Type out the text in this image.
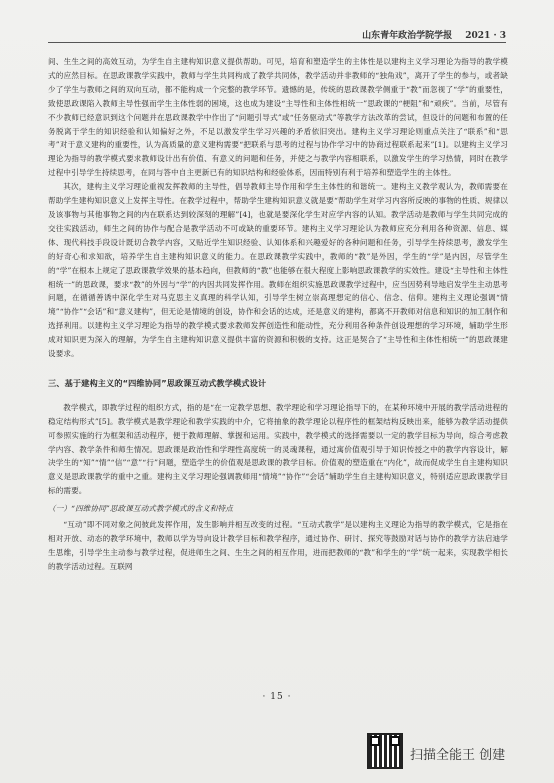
山东青年政治学院学报 2021 · 3

间、生生之间的高效互动，为学生自主建构知识意义提供帮助。可见，培育和塑造学生的主体性是以建构主义学习理论为指导的教学模式的应然目标。在思政课教学实践中，教师与学生共同构成了教学共同体，教学活动并非教师的“独角戏”，离开了学生的参与，或者缺少了学生与教师之间的双向互动，都不能构成一个完整的教学环节。遗憾的是，传统的思政课教学侧重于“教”而忽视了“学”的重要性，致使思政课陷入教师主导性强而学生主体性弱的困境，这也成为建设“主导性和主体性相统一”思政课的“梗阻”和“顽疾”。当前，尽管有不少教师已经意识到这个问题并在思政课教学中作出了“问题引导式”或“任务驱动式”等教学方法改革的尝试，但设计的问题和布置的任务脱离于学生的知识经验和认知偏好之外，不足以激发学生学习兴趣的矛盾依旧突出。建构主义学习理论则重点关注了“联系”和“思考”对于意义建构的重要性，认为高质量的意义建构需要“把联系与思考的过程与协作学习中的协商过程联系起来”[1]。以建构主义学习理论为指导的教学模式要求教师设计出有价值、有意义的问题和任务，并使之与教学内容相联系，以激发学生的学习热情，同时在教学过程中引导学生持续思考，在同与答中自主更新已有的知识结构和经验体系，因而特别有利于培养和塑造学生的主体性。

其次，建构主义学习理论重视发挥教师的主导性，倡导教师主导作用和学生主体性的和谐统一。建构主义教学观认为，教师需要在帮助学生建构知识意义上发挥主导性。在教学过程中，帮助学生建构知识意义就是要“帮助学生对学习内容所反映的事物的性质、规律以及该事物与其他事物之间的内在联系达到较深刻的理解”[4]，也就是要深化学生对应学内容的认知。教学活动是教师与学生共同完成的交往实践活动，师生之间的协作与配合是教学活动不可或缺的重要环节。建构主义学习理论认为教师应充分利用各种资源、信息、媒体、现代科技手段设计既切合教学内容，又贴近学生知识经验、认知体系和兴趣爱好的各种问题和任务，引导学生持续思考，激发学生的好奇心和求知欲，培养学生自主建构知识意义的能力。在思政课教学实践中，教师的“教”是外因，学生的“学”是内因，尽管学生的“学”在根本上规定了思政课教学效果的基本趋向，但教师的“教”也能够在很大程度上影响思政课教学的实效性。建设“主导性和主体性相统一”的思政课，要求“教”的外因与“学”的内因共同发挥作用。教师在组织实施思政课教学过程中，应当因势利导地启发学生主动思考问题，在循循善诱中深化学生对马克思主义真理的科学认知，引导学生树立崇高理想定的信心、信念、信仰。建构主义理论强调“情境”“协作”“会话”和“意义建构”，但无论是情境的创设，协作和会话的达成，还是意义的建构，都离不开教师对信息和知识的加工制作和选择利用。以建构主义学习理论为指导的教学模式要求教师发挥创造性和能动性，充分利用各种条件创设理想的学习环境，辅助学生形成对知识更为深入的理解，为学生自主建构知识意义提供丰富的资源和积极的支持。这正是契合了“主导性和主体性相统一”的思政课建设要求。

三、基于建构主义的“四维协同”思政课互动式教学模式设计

教学模式，即教学过程的组织方式，指的是“在一定教学思想、教学理论和学习理论指导下的，在某种环境中开展的教学活动进程的稳定结构形式”[5]。教学模式是教学理论和教学实践的中介，它将抽象的教学理论以程序性的框架结构反映出来，能够为教学活动提供可参照实施的行为框架和活动程序，便于教师理解、掌握和运用。实践中，教学模式的选择需要以一定的教学目标为导向，综合考虑教学内容、教学条件和师生情况。思政课是政治性和学理性高度统一的灵魂课程，通过寓价值观引导于知识传授之中的教学内容设计，解决学生的“知”“情”“信”“意”“行”问题，塑造学生的价值观是思政课的教学目标。价值观的塑造重在“内化”，故而促成学生自主建构知识意义是思政课教学的重中之重。建构主义学习理论强调教师用“情境”“协作”“会话”辅助学生自主建构知识意义，特别适应思政课教学目标的需要。

（一）“四维协同”思政课互动式教学模式的含义和特点

“互动”即不同对象之间彼此发挥作用，发生影响并相互改变的过程。“互动式教学”是以建构主义理论为指导的教学模式，它是指在相对开放、动态的教学环境中，教师以学为导向设计教学目标和教学程序，通过协作、研讨、探究等鼓励对话与协作的教学方法启迪学生思维，引导学生主动参与教学过程，促进师生之间、生生之间的相互作用，进而把教师的“教”和学生的“学”统一起来，实现教学相长的教学活动过程。互联网

· 15 ·
扫描全能王 创建
